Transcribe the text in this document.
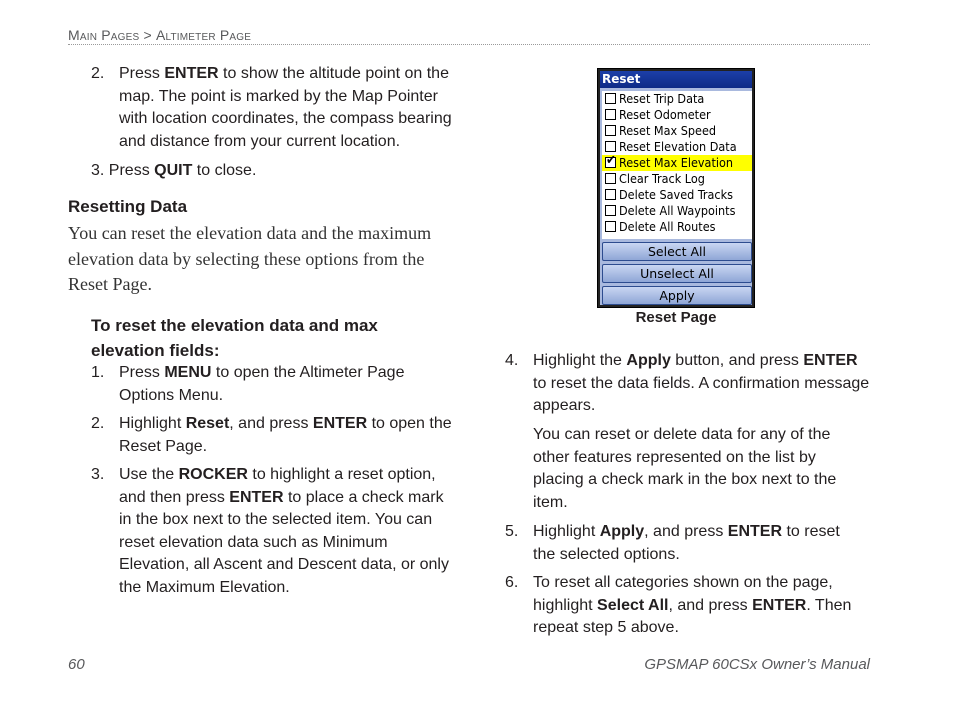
Main Pages > Altimeter Page
2. Press ENTER to show the altitude point on the map. The point is marked by the Map Pointer with location coordinates, the compass bearing and distance from your current location.
3. Press QUIT to close.
Resetting Data
You can reset the elevation data and the maximum elevation data by selecting these options from the Reset Page.
To reset the elevation data and max elevation fields:
1. Press MENU to open the Altimeter Page Options Menu.
2. Highlight Reset, and press ENTER to open the Reset Page.
3. Use the ROCKER to highlight a reset option, and then press ENTER to place a check mark in the box next to the selected item. You can reset elevation data such as Minimum Elevation, all Ascent and Descent data, or only the Maximum Elevation.
Reset
Reset Trip Data
Reset Odometer
Reset Max Speed
Reset Elevation Data
✔ Reset Max Elevation
Clear Track Log
Delete Saved Tracks
Delete All Waypoints
Delete All Routes
Select All
Unselect All
Apply
Reset Page
4. Highlight the Apply button, and press ENTER to reset the data fields. A confirmation message appears.
You can reset or delete data for any of the other features represented on the list by placing a check mark in the box next to the item.
5. Highlight Apply, and press ENTER to reset the selected options.
6. To reset all categories shown on the page, highlight Select All, and press ENTER. Then repeat step 5 above.
60	GPSMAP 60CSx Owner’s Manual
